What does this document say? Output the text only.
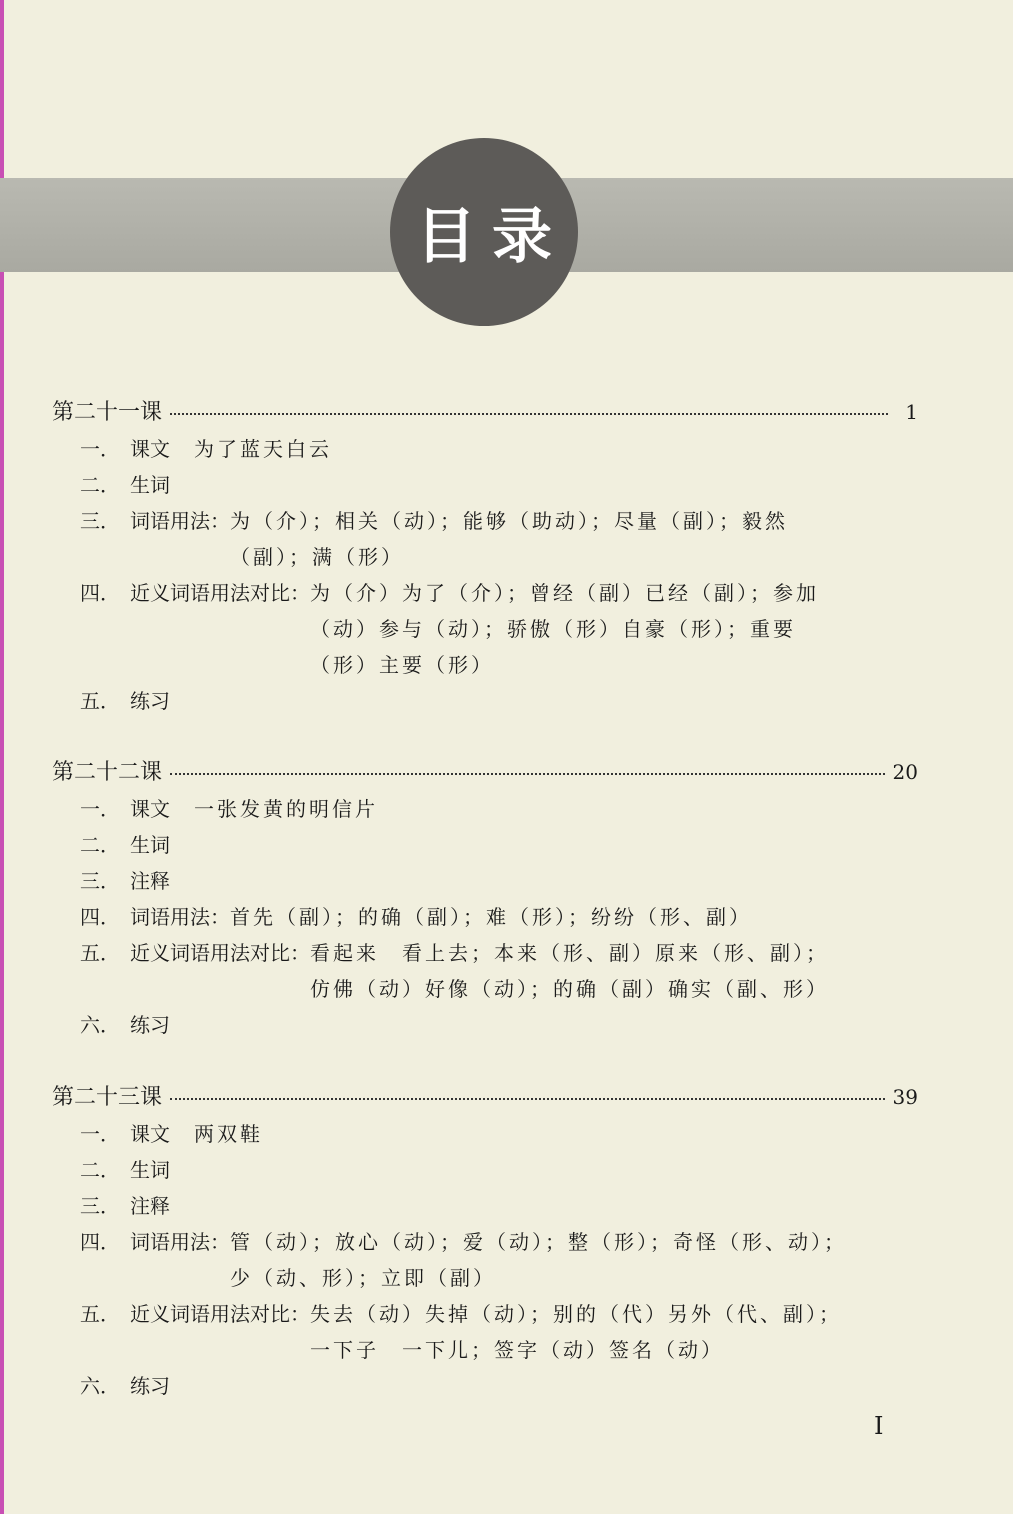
目录
第二十一课	1
一． 课文 为了蓝天白云
二． 生词
三． 词语用法： 为（介）；相关（动）；能够（助动）；尽量（副）；毅然
（副）；满（形）
四． 近义词语用法对比： 为（介）为了（介）；曾经（副）已经（副）；参加
（动）参与（动）；骄傲（形）自豪（形）；重要
（形）主要（形）
五． 练习
第二十二课	20
一． 课文 一张发黄的明信片
二． 生词
三． 注释
四． 词语用法： 首先（副）；的确（副）；难（形）；纷纷（形、副）
五． 近义词语用法对比： 看起来　看上去；本来（形、副）原来（形、副）；
仿佛（动）好像（动）；的确（副）确实（副、形）
六． 练习
第二十三课	39
一． 课文 两双鞋
二． 生词
三． 注释
四． 词语用法： 管（动）；放心（动）；爱（动）；整（形）；奇怪（形、动）；
少（动、形）；立即（副）
五． 近义词语用法对比： 失去（动）失掉（动）；别的（代）另外（代、副）；
一下子　一下儿；签字（动）签名（动）
六． 练习
I
